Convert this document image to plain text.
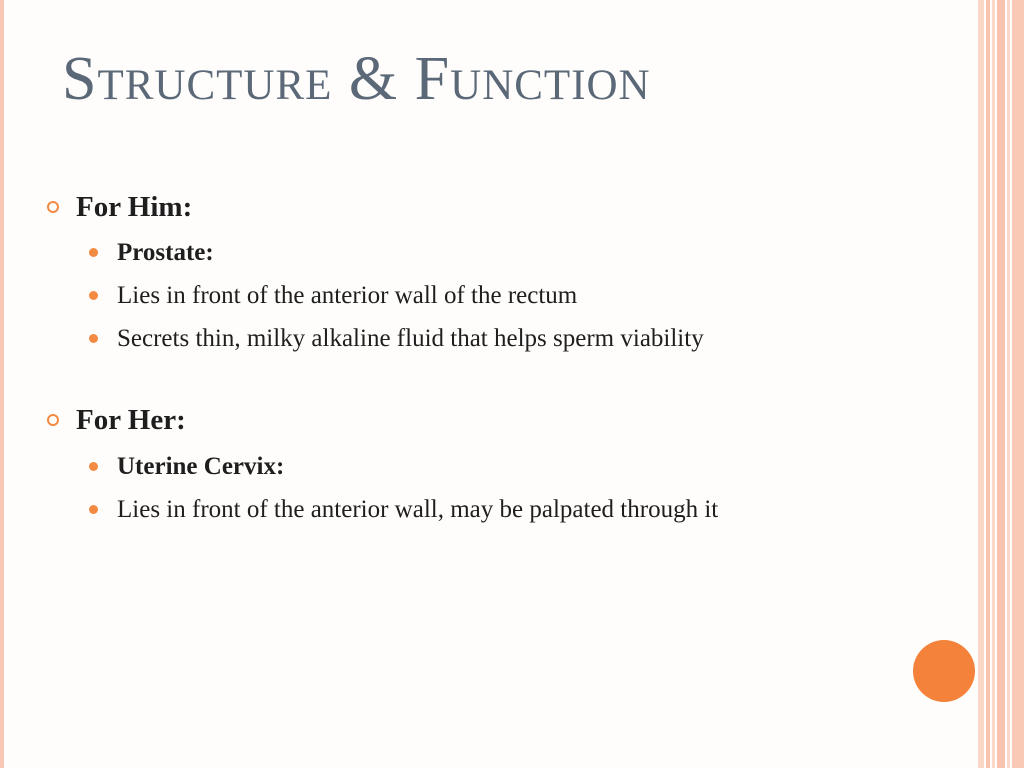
Structure & Function
For Him:
Prostate:
Lies in front of the anterior wall of the rectum
Secrets thin, milky alkaline fluid that helps sperm viability
For Her:
Uterine Cervix:
Lies in front of the anterior wall, may be palpated through it
